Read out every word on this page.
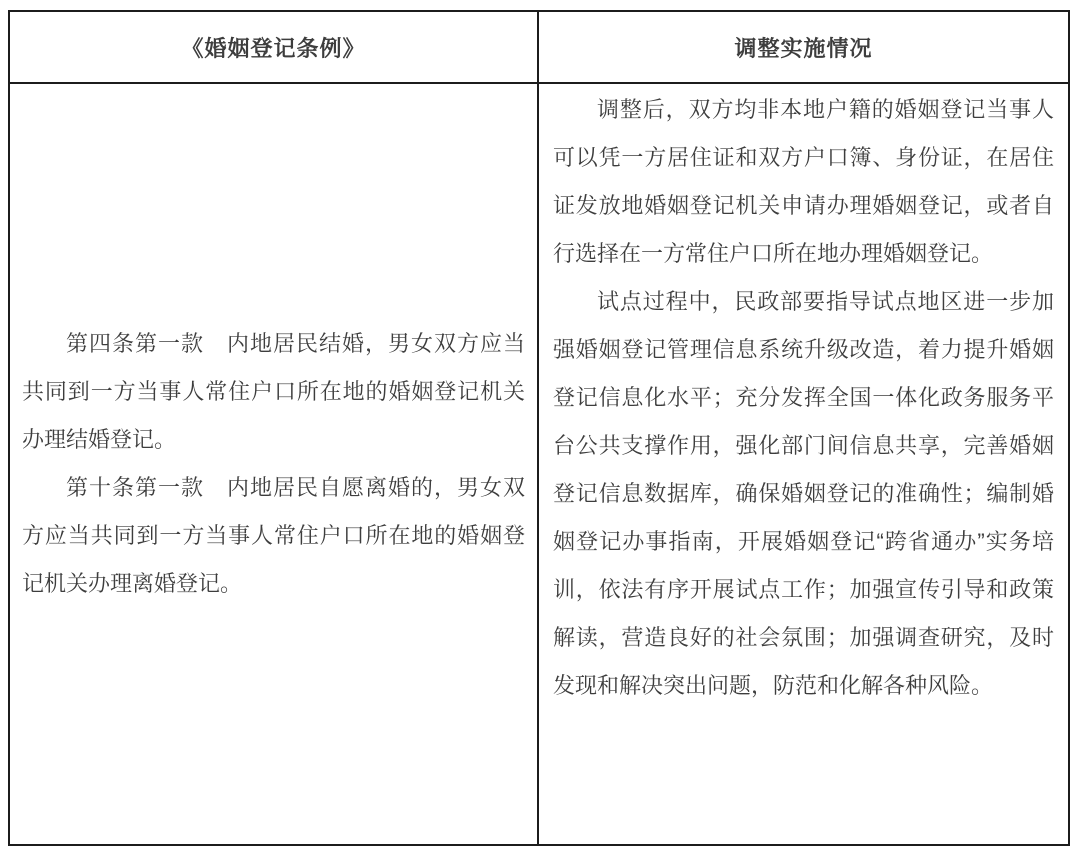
《婚姻登记条例》	调整实施情况

第四条第一款　内地居民结婚，男女双方应当共同到一方当事人常住户口所在地的婚姻登记机关办理结婚登记。

第十条第一款　内地居民自愿离婚的，男女双方应当共同到一方当事人常住户口所在地的婚姻登记机关办理离婚登记。

调整后，双方均非本地户籍的婚姻登记当事人可以凭一方居住证和双方户口簿、身份证，在居住证发放地婚姻登记机关申请办理婚姻登记，或者自行选择在一方常住户口所在地办理婚姻登记。

试点过程中，民政部要指导试点地区进一步加强婚姻登记管理信息系统升级改造，着力提升婚姻登记信息化水平；充分发挥全国一体化政务服务平台公共支撑作用，强化部门间信息共享，完善婚姻登记信息数据库，确保婚姻登记的准确性；编制婚姻登记办事指南，开展婚姻登记“跨省通办”实务培训，依法有序开展试点工作；加强宣传引导和政策解读，营造良好的社会氛围；加强调查研究，及时发现和解决突出问题，防范和化解各种风险。
